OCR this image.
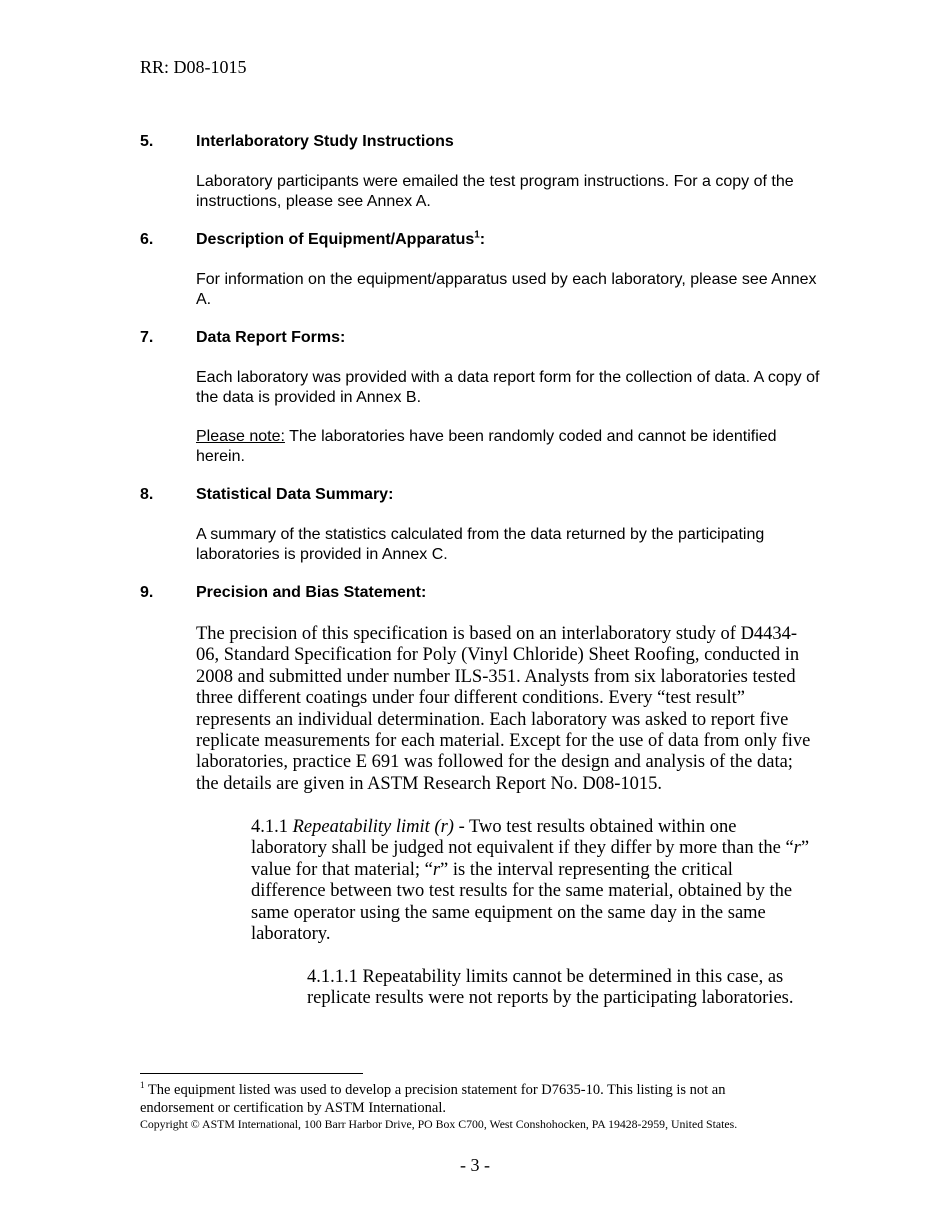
RR: D08-1015
5.	Interlaboratory Study Instructions
Laboratory participants were emailed the test program instructions. For a copy of the instructions, please see Annex A.
6.	Description of Equipment/Apparatus$^1$:
For information on the equipment/apparatus used by each laboratory, please see Annex A.
7.	Data Report Forms:
Each laboratory was provided with a data report form for the collection of data. A copy of the data is provided in Annex B.
Please note: The laboratories have been randomly coded and cannot be identified herein.
8.	Statistical Data Summary:
A summary of the statistics calculated from the data returned by the participating laboratories is provided in Annex C.
9.	Precision and Bias Statement:
The precision of this specification is based on an interlaboratory study of D4434-06, Standard Specification for Poly (Vinyl Chloride) Sheet Roofing, conducted in 2008 and submitted under number ILS-351. Analysts from six laboratories tested three different coatings under four different conditions. Every “test result” represents an individual determination. Each laboratory was asked to report five replicate measurements for each material. Except for the use of data from only five laboratories, practice E 691 was followed for the design and analysis of the data; the details are given in ASTM Research Report No. D08-1015.
4.1.1 Repeatability limit (r) - Two test results obtained within one laboratory shall be judged not equivalent if they differ by more than the “r” value for that material; “r” is the interval representing the critical difference between two test results for the same material, obtained by the same operator using the same equipment on the same day in the same laboratory.
4.1.1.1 Repeatability limits cannot be determined in this case, as replicate results were not reports by the participating laboratories.
$^1$ The equipment listed was used to develop a precision statement for D7635-10. This listing is not an endorsement or certification by ASTM International.
Copyright © ASTM International, 100 Barr Harbor Drive, PO Box C700, West Conshohocken, PA 19428-2959, United States.
- 3 -
